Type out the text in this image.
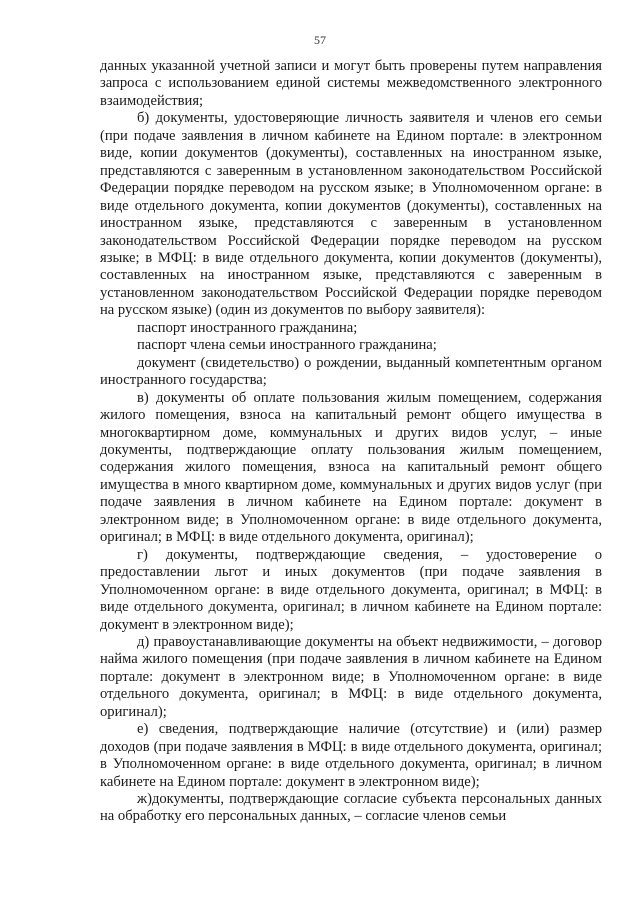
57

данных указанной учетной записи и могут быть проверены путем направления запроса с использованием единой системы межведомственного электронного взаимодействия;

б) документы, удостоверяющие личность заявителя и членов его семьи (при подаче заявления в личном кабинете на Едином портале: в электронном виде, копии документов (документы), составленных на иностранном языке, представляются с заверенным в установленном законодательством Российской Федерации порядке переводом на русском языке; в Уполномоченном органе: в виде отдельного документа, копии документов (документы), составленных на иностранном языке, представляются с заверенным в установленном законодательством Российской Федерации порядке переводом на русском языке; в МФЦ: в виде отдельного документа, копии документов (документы), составленных на иностранном языке, представляются с заверенным в установленном законодательством Российской Федерации порядке переводом на русском языке) (один из документов по выбору заявителя):

паспорт иностранного гражданина;

паспорт члена семьи иностранного гражданина;

документ (свидетельство) о рождении, выданный компетентным органом иностранного государства;

в) документы об оплате пользования жилым помещением, содержания жилого помещения, взноса на капитальный ремонт общего имущества в многоквартирном доме, коммунальных и других видов услуг, – иные документы, подтверждающие оплату пользования жилым помещением, содержания жилого помещения, взноса на капитальный ремонт общего имущества в много квартирном доме, коммунальных и других видов услуг (при подаче заявления в личном кабинете на Едином портале: документ в электронном виде; в Уполномоченном органе: в виде отдельного документа, оригинал; в МФЦ: в виде отдельного документа, оригинал);

г) документы, подтверждающие сведения, – удостоверение о предоставлении льгот и иных документов (при подаче заявления в Уполномоченном органе: в виде отдельного документа, оригинал; в МФЦ: в виде отдельного документа, оригинал; в личном кабинете на Едином портале: документ в электронном виде);

д) правоустанавливающие документы на объект недвижимости, – договор найма жилого помещения (при подаче заявления в личном кабинете на Едином портале: документ в электронном виде; в Уполномоченном органе: в виде отдельного документа, оригинал; в МФЦ: в виде отдельного документа, оригинал);

е) сведения, подтверждающие наличие (отсутствие) и (или) размер доходов (при подаче заявления в МФЦ: в виде отдельного документа, оригинал; в Уполномоченном органе: в виде отдельного документа, оригинал; в личном кабинете на Едином портале: документ в электронном виде);

ж)документы, подтверждающие согласие субъекта персональных данных на обработку его персональных данных, – согласие членов семьи
